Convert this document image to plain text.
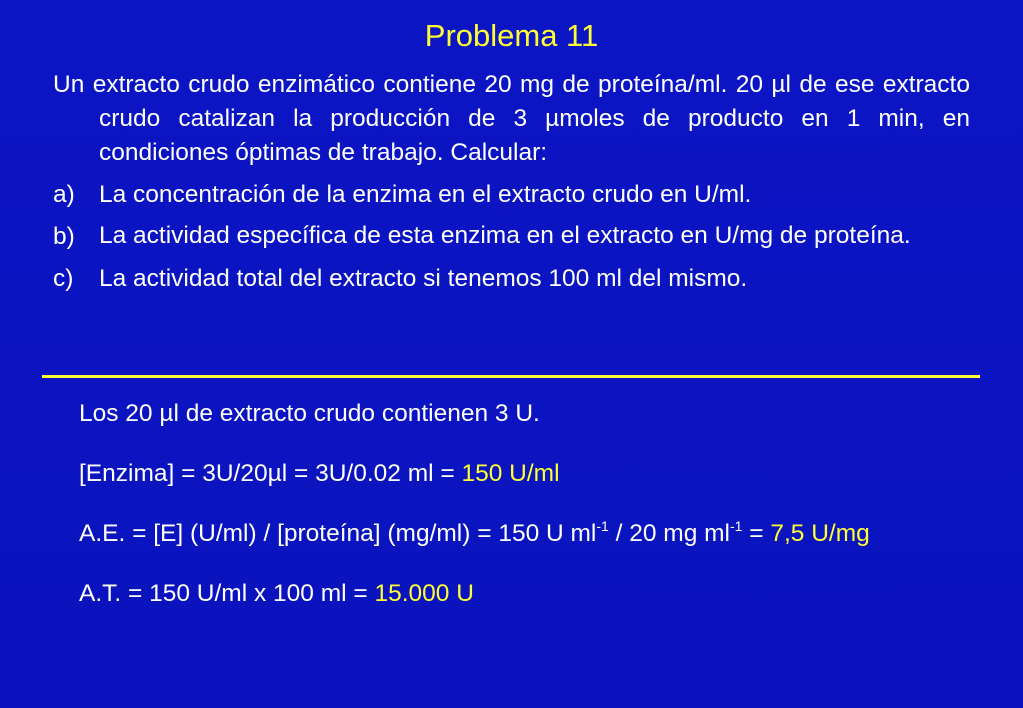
Problema 11
Un extracto crudo enzimático contiene 20 mg de proteína/ml. 20 µl de ese extracto crudo catalizan la producción de 3 µmoles de producto en 1 min, en condiciones óptimas de trabajo. Calcular:
a) La concentración de la enzima en el extracto crudo en U/ml.
b) La actividad específica de esta enzima en el extracto en U/mg de proteína.
c)	La actividad total del extracto si tenemos 100 ml del mismo.
Los 20 µl de extracto crudo contienen 3 U.
[Enzima] = 3U/20µl = 3U/0.02 ml = 150 U/ml
A.E. = [E] (U/ml) / [proteína] (mg/ml) = 150 U $ml^{-1} / 20$ mg $ml^{-1} = 7,5$ U/mg
A.T. = 150 U/ml x 100 ml = 15.000 U
